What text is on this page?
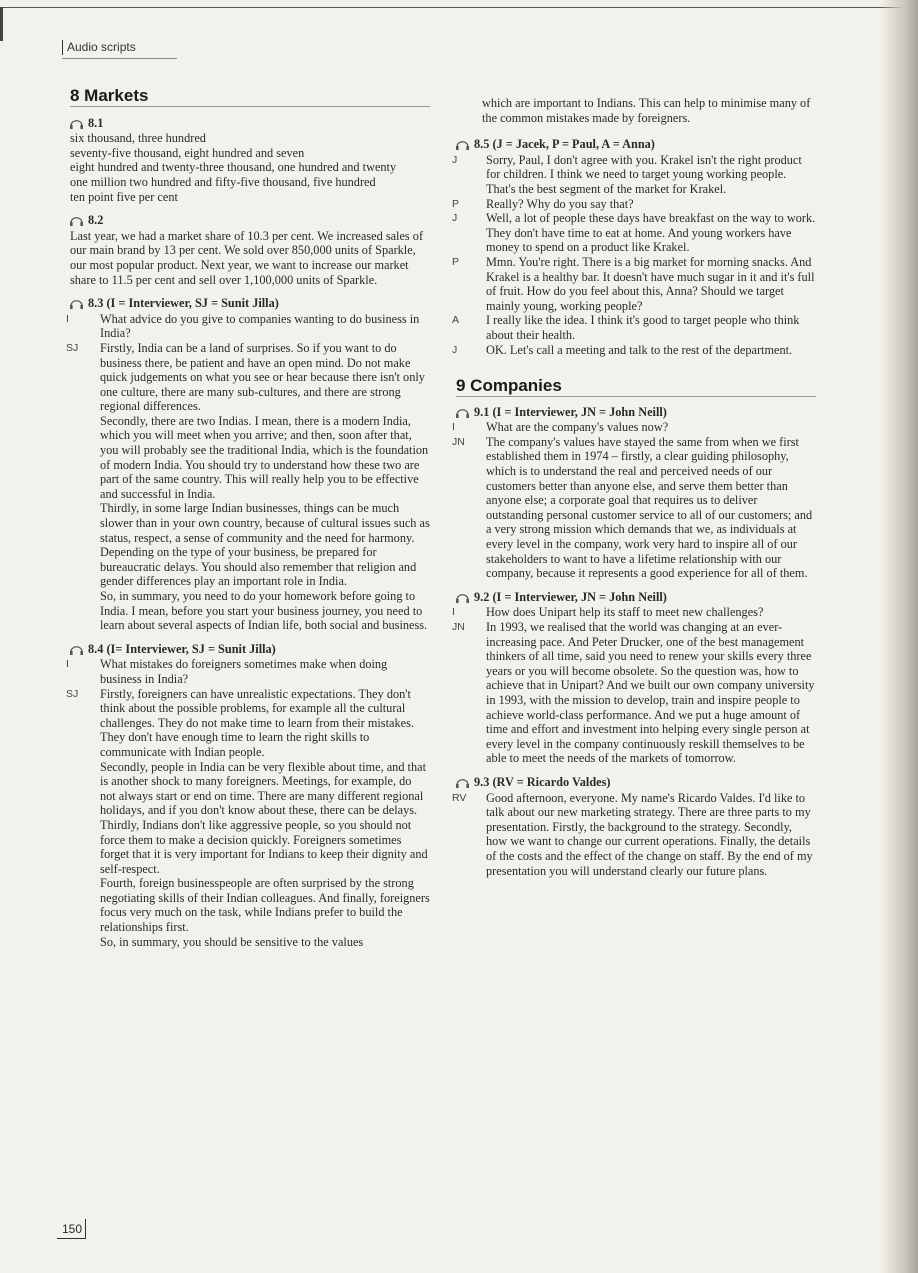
Audio scripts
8 Markets
8.1
six thousand, three hundred
seventy-five thousand, eight hundred and seven
eight hundred and twenty-three thousand, one hundred and twenty
one million two hundred and fifty-five thousand, five hundred
ten point five per cent
8.2

Last year, we had a market share of 10.3 per cent. We increased sales of our main brand by 13 per cent. We sold over 850,000 units of Sparkle, our most popular product. Next year, we want to increase our market share to 11.5 per cent and sell over 1,100,000 units of Sparkle.

8.3 (I = Interviewer, SJ = Sunit Jilla)
I	What advice do you give to companies wanting to do business in India?

SJ Firstly, India can be a land of surprises. So if you want to do business there, be patient and have an open mind. Do not make quick judgements on what you see or hear because there isn't only one culture, there are many sub-cultures, and there are strong regional differences.

Secondly, there are two Indias. I mean, there is a modern India, which you will meet when you arrive; and then, soon after that, you will probably see the traditional India, which is the foundation of modern India. You should try to understand how these two are part of the same country. This will really help you to be effective and successful in India.

Thirdly, in some large Indian businesses, things can be much slower than in your own country, because of cultural issues such as status, respect, a sense of community and the need for harmony. Depending on the type of your business, be prepared for bureaucratic delays. You should also remember that religion and gender differences play an important role in India.

So, in summary, you need to do your homework before going to India. I mean, before you start your business journey, you need to learn about several aspects of Indian life, both social and business.

8.4 (I= Interviewer, SJ = Sunit Jilla)
I	What mistakes do foreigners sometimes make when doing business in India?

SJ Firstly, foreigners can have unrealistic expectations. They don't think about the possible problems, for example all the cultural challenges. They do not make time to learn from their mistakes. They don't have enough time to learn the right skills to communicate with Indian people.

Secondly, people in India can be very flexible about time, and that is another shock to many foreigners. Meetings, for example, do not always start or end on time. There are many different regional holidays, and if you don't know about these, there can be delays.

Thirdly, Indians don't like aggressive people, so you should not force them to make a decision quickly. Foreigners sometimes forget that it is very important for Indians to keep their dignity and self-respect.

Fourth, foreign businesspeople are often surprised by the strong negotiating skills of their Indian colleagues. And finally, foreigners focus very much on the task, while Indians prefer to build the relationships first.

So, in summary, you should be sensitive to the values

which are important to Indians. This can help to minimise many of the common mistakes made by foreigners.

8.5 (J = Jacek, P = Paul, A = Anna)
J Sorry, Paul, I don't agree with you. Krakel isn't the right product for children. I think we need to target young working people. That's the best segment of the market for Krakel.

P Really? Why do you say that?

J Well, a lot of people these days have breakfast on the way to work. They don't have time to eat at home. And young workers have money to spend on a product like Krakel.

P Mmn. You're right. There is a big market for morning snacks. And Krakel is a healthy bar. It doesn't have much sugar in it and it's full of fruit. How do you feel about this, Anna? Should we target mainly young, working people?

A I really like the idea. I think it's good to target people who think about their health.

J OK. Let's call a meeting and talk to the rest of the department.

9 Companies
9.1 (I = Interviewer, JN = John Neill)
I	What are the company's values now?

JN The company's values have stayed the same from when we first established them in 1974 – firstly, a clear guiding philosophy, which is to understand the real and perceived needs of our customers better than anyone else, and serve them better than anyone else; a corporate goal that requires us to deliver outstanding personal customer service to all of our customers; and a very strong mission which demands that we, as individuals at every level in the company, work very hard to inspire all of our stakeholders to want to have a lifetime relationship with our company, because it represents a good experience for all of them.

9.2 (I = Interviewer, JN = John Neill)
I	How does Unipart help its staff to meet new challenges?

JN In 1993, we realised that the world was changing at an ever-increasing pace. And Peter Drucker, one of the best management thinkers of all time, said you need to renew your skills every three years or you will become obsolete. So the question was, how to achieve that in Unipart? And we built our own company university in 1993, with the mission to develop, train and inspire people to achieve world-class performance. And we put a huge amount of time and effort and investment into helping every single person at every level in the company continuously reskill themselves to be able to meet the needs of the markets of tomorrow.

9.3 (RV = Ricardo Valdes)
RV Good afternoon, everyone. My name's Ricardo Valdes. I'd like to talk about our new marketing strategy. There are three parts to my presentation. Firstly, the background to the strategy. Secondly, how we want to change our current operations. Finally, the details of the costs and the effect of the change on staff. By the end of my presentation you will understand clearly our future plans.

150
